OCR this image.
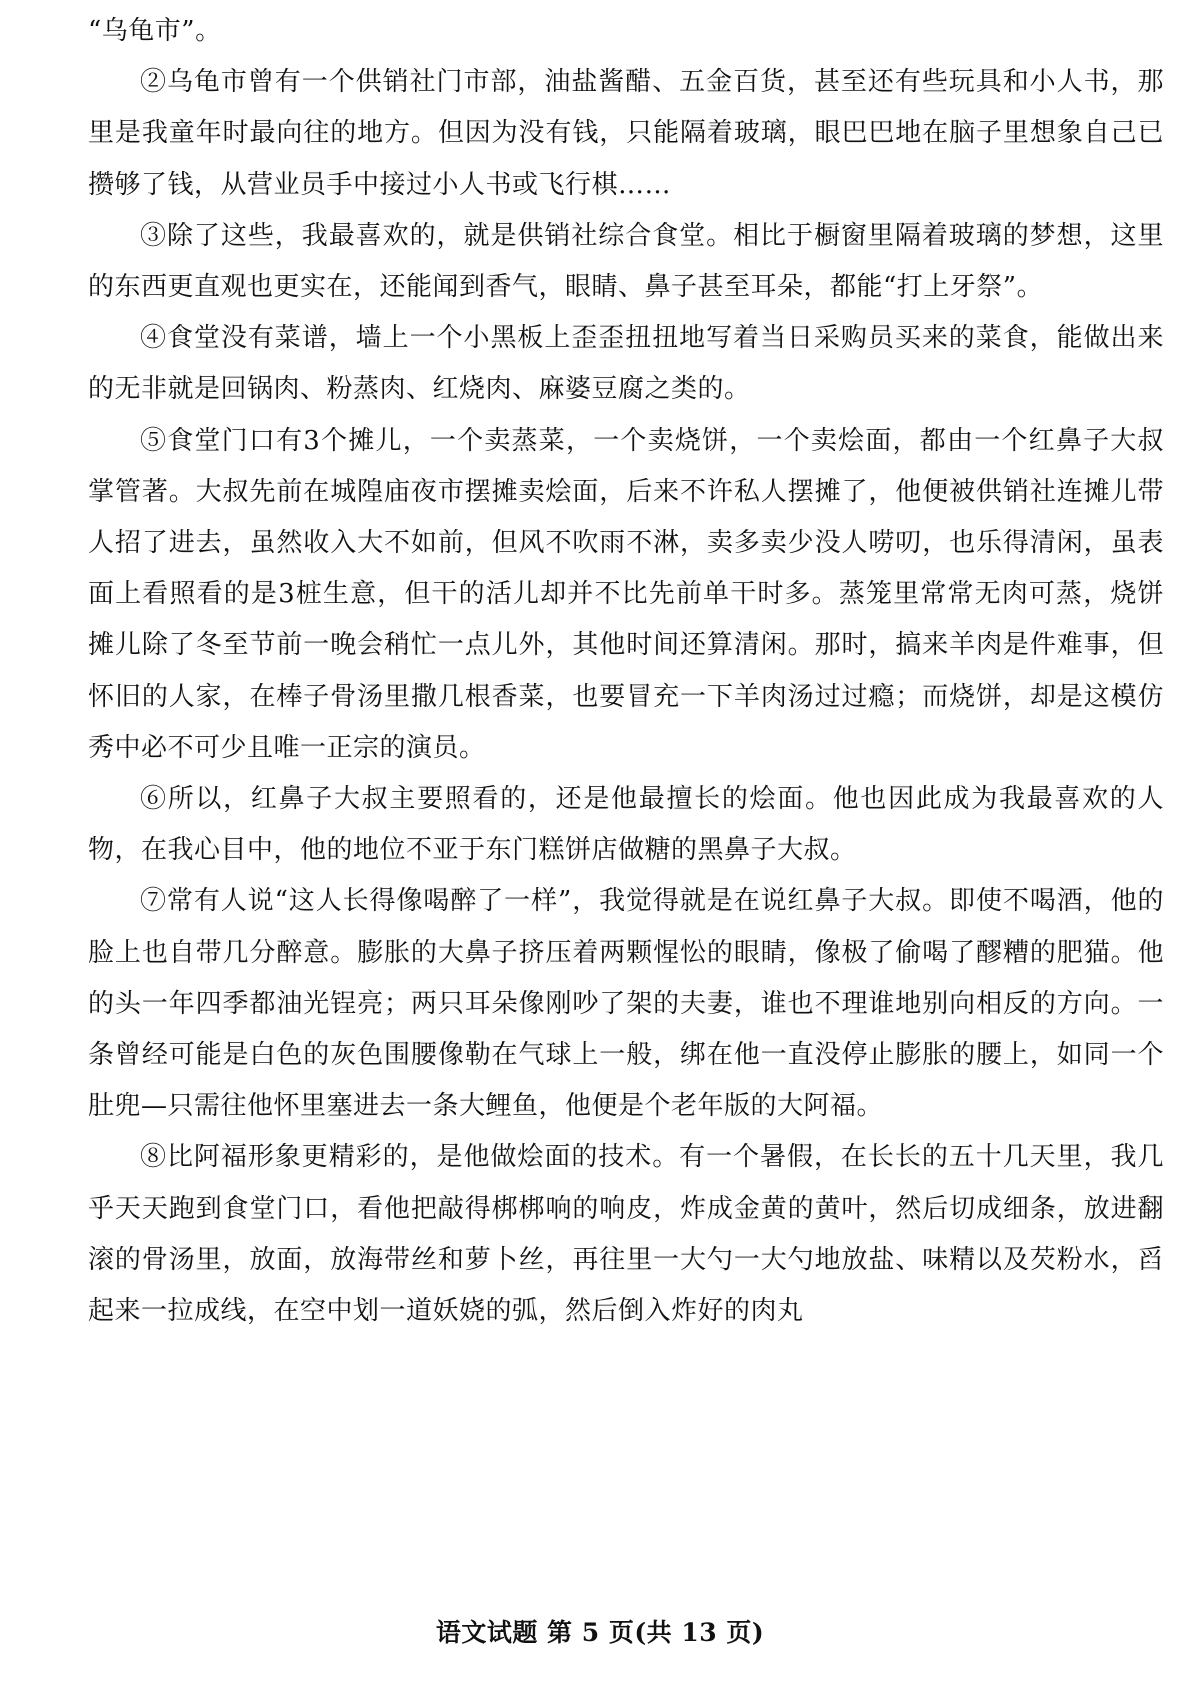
“乌龟市”。

②乌龟市曾有一个供销社门市部，油盐酱醋、五金百货，甚至还有些玩具和小人书，那里是我童年时最向往的地方。但因为没有钱，只能隔着玻璃，眼巴巴地在脑子里想象自己已攒够了钱，从营业员手中接过小人书或飞行棋……

③除了这些，我最喜欢的，就是供销社综合食堂。相比于橱窗里隔着玻璃的梦想，这里的东西更直观也更实在，还能闻到香气，眼睛、鼻子甚至耳朵，都能“打上牙祭”。

④食堂没有菜谱，墙上一个小黑板上歪歪扭扭地写着当日采购员买来的菜食，能做出来的无非就是回锅肉、粉蒸肉、红烧肉、麻婆豆腐之类的。

⑤食堂门口有3个摊儿，一个卖蒸菜，一个卖烧饼，一个卖烩面，都由一个红鼻子大叔掌管著。大叔先前在城隍庙夜市摆摊卖烩面，后来不许私人摆摊了，他便被供销社连摊儿带人招了进去，虽然收入大不如前，但风不吹雨不淋，卖多卖少没人唠叨，也乐得清闲，虽表面上看照看的是3桩生意，但干的活儿却并不比先前单干时多。蒸笼里常常无肉可蒸，烧饼摊儿除了冬至节前一晚会稍忙一点儿外，其他时间还算清闲。那时，搞来羊肉是件难事，但怀旧的人家，在棒子骨汤里撒几根香菜，也要冒充一下羊肉汤过过瘾；而烧饼，却是这模仿秀中必不可少且唯一正宗的演员。

⑥所以，红鼻子大叔主要照看的，还是他最擅长的烩面。他也因此成为我最喜欢的人物，在我心目中，他的地位不亚于东门糕饼店做糖的黑鼻子大叔。

⑦常有人说“这人长得像喝醉了一样”，我觉得就是在说红鼻子大叔。即使不喝酒，他的脸上也自带几分醉意。膨胀的大鼻子挤压着两颗惺忪的眼睛，像极了偷喝了醪糟的肥猫。他的头一年四季都油光锃亮；两只耳朵像刚吵了架的夫妻，谁也不理谁地别向相反的方向。一条曾经可能是白色的灰色围腰像勒在气球上一般，绑在他一直没停止膨胀的腰上，如同一个肚兜—只需往他怀里塞进去一条大鲤鱼，他便是个老年版的大阿福。

⑧比阿福形象更精彩的，是他做烩面的技术。有一个暑假，在长长的五十几天里，我几乎天天跑到食堂门口，看他把敲得梆梆响的响皮，炸成金黄的黄叶，然后切成细条，放进翻滚的骨汤里，放面，放海带丝和萝卜丝，再往里一大勺一大勺地放盐、味精以及芡粉水，舀起来一拉成线，在空中划一道妖娆的弧，然后倒入炸好的肉丸

语文试题 第 5 页(共 13 页)
